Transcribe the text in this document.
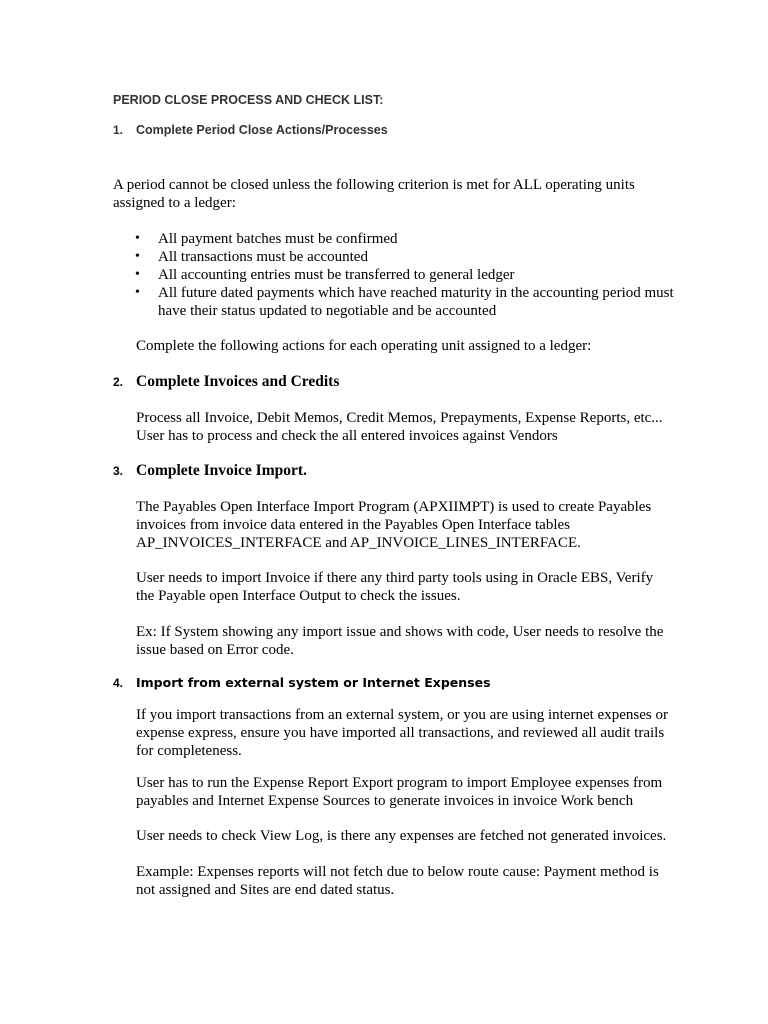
PERIOD CLOSE PROCESS AND CHECK LIST:
1. Complete Period Close Actions/Processes

A period cannot be closed unless the following criterion is met for ALL operating units
assigned to a ledger:

• All payment batches must be confirmed
• All transactions must be accounted
• All accounting entries must be transferred to general ledger
• All future dated payments which have reached maturity in the accounting period must
have their status updated to negotiable and be accounted

Complete the following actions for each operating unit assigned to a ledger:

2. Complete Invoices and Credits

Process all Invoice, Debit Memos, Credit Memos, Prepayments, Expense Reports, etc...
User has to process and check the all entered invoices against Vendors

3. Complete Invoice Import.

The Payables Open Interface Import Program (APXIIMPT) is used to create Payables
invoices from invoice data entered in the Payables Open Interface tables
AP_INVOICES_INTERFACE and AP_INVOICE_LINES_INTERFACE.

User needs to import Invoice if there any third party tools using in Oracle EBS, Verify
the Payable open Interface Output to check the issues.

Ex: If System showing any import issue and shows with code, User needs to resolve the
issue based on Error code.

4. Import from external system or Internet Expenses

If you import transactions from an external system, or you are using internet expenses or
expense express, ensure you have imported all transactions, and reviewed all audit trails
for completeness.

User has to run the Expense Report Export program to import Employee expenses from
payables and Internet Expense Sources to generate invoices in invoice Work bench

User needs to check View Log, is there any expenses are fetched not generated invoices.

Example: Expenses reports will not fetch due to below route cause: Payment method is
not assigned and Sites are end dated status.
